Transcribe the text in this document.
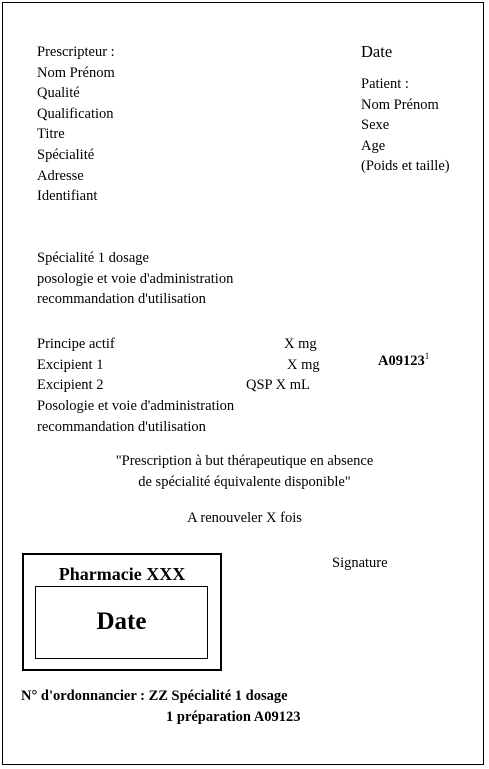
Prescripteur :
Nom Prénom
Qualité
Qualification
Titre
Spécialité
Adresse
Identifiant
Date
Patient :
Nom Prénom
Sexe
Age
(Poids et taille)
Spécialité 1 dosage
posologie et voie d'administration
recommandation d'utilisation
Principe actif	X mg
Excipient 1	X mg
Excipient 2	QSP X mL
A09123$^1$
Posologie et voie d'administration
recommandation d'utilisation
"Prescription à but thérapeutique en absence
de spécialité équivalente disponible"
A renouveler X fois
Signature
Pharmacie XXX
Date
N° d'ordonnancier : ZZ Spécialité 1 dosage
1 préparation A09123
